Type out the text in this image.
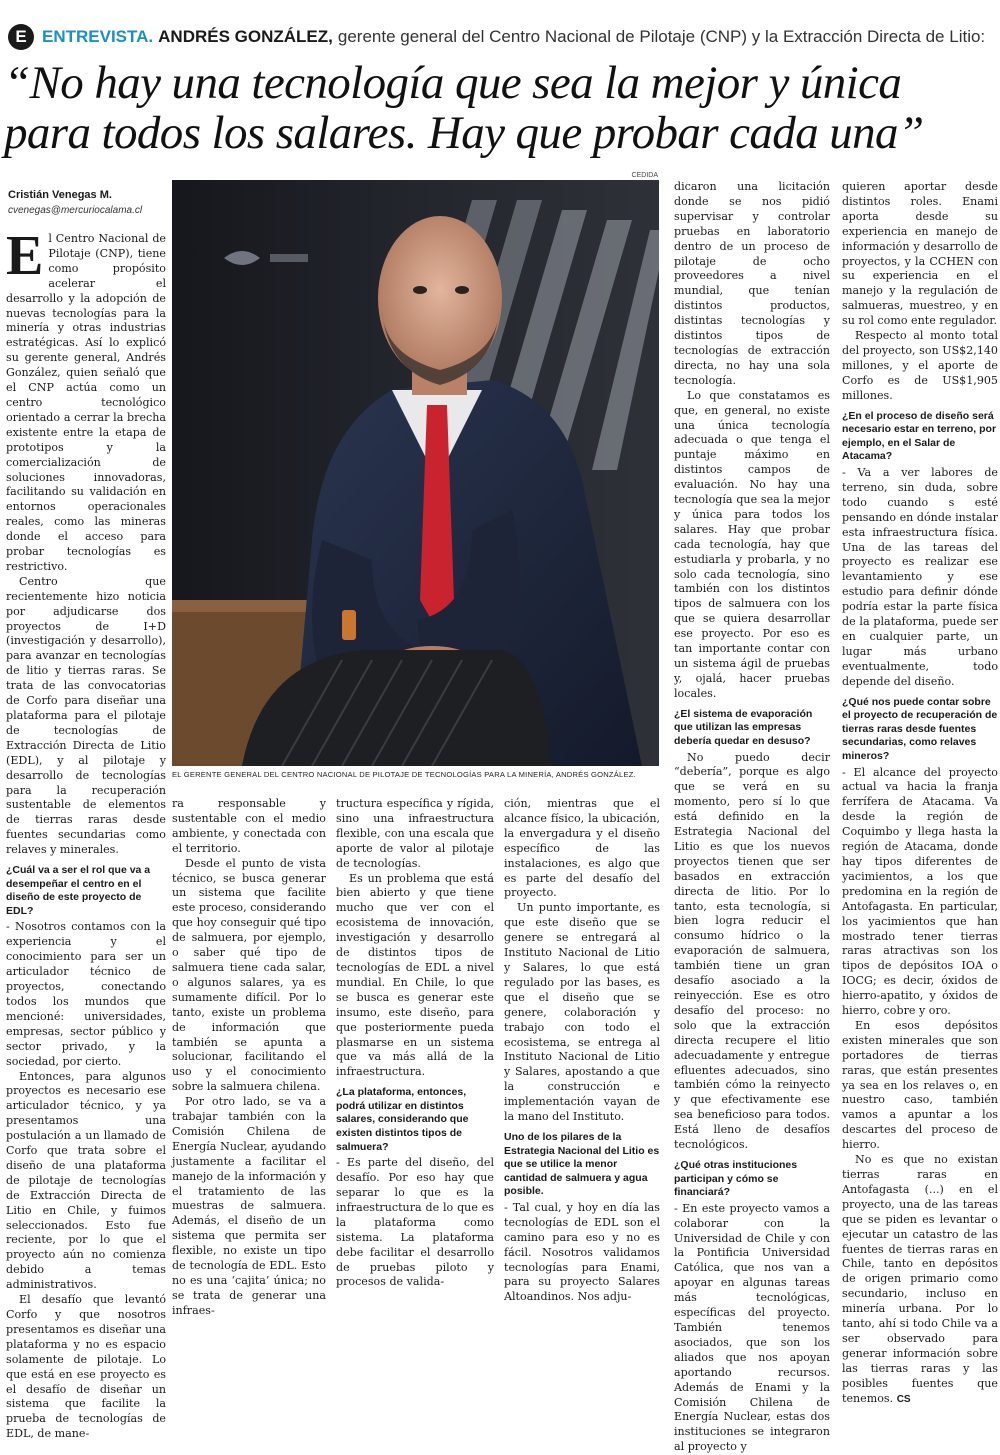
E ENTREVISTA. ANDRÉS GONZÁLEZ, gerente general del Centro Nacional de Pilotaje (CNP) y la Extracción Directa de Litio:
“No hay una tecnología que sea la mejor y única
para todos los salares. Hay que probar cada una”
Cristián Venegas M.
cvenegas@mercuriocalama.cl
CEDIDA
EL GERENTE GENERAL DEL CENTRO NACIONAL DE PILOTAJE DE TECNOLOGÍAS PARA LA MINERÍA, ANDRÉS GONZÁLEZ.

El Centro Nacional de Pilotaje (CNP), tiene como propósito acelerar el desarrollo y la adopción de nuevas tecnologías para la minería y otras industrias estratégicas. Así lo explicó su gerente general, Andrés González, quien señaló que el CNP actúa como un centro tecnológico orientado a cerrar la brecha existente entre la etapa de prototipos y la comercialización de soluciones innovadoras, facilitando su validación en entornos operacionales reales, como las mineras donde el acceso para probar tecnologías es restrictivo.

Centro que recientemente hizo noticia por adjudicarse dos proyectos de I+D (investigación y desarrollo), para avanzar en tecnologías de litio y tierras raras. Se trata de las convocatorias de Corfo para diseñar una plataforma para el pilotaje de tecnologías de Extracción Directa de Litio (EDL), y al pilotaje y desarrollo de tecnologías para la recuperación sustentable de elementos de tierras raras desde fuentes secundarias como relaves y minerales.

¿Cuál va a ser el rol que va a desempeñar el centro en el diseño de este proyecto de EDL?

- Nosotros contamos con la experiencia y el conocimiento para ser un articulador técnico de proyectos, conectando todos los mundos que mencioné: universidades, empresas, sector público y sector privado, y la sociedad, por cierto.

Entonces, para algunos proyectos es necesario ese articulador técnico, y ya presentamos una postulación a un llamado de Corfo que trata sobre el diseño de una plataforma de pilotaje de tecnologías de Extracción Directa de Litio en Chile, y fuimos seleccionados. Esto fue reciente, por lo que el proyecto aún no comienza debido a temas administrativos.

El desafío que levantó Corfo y que nosotros presentamos es diseñar una plataforma y no es espacio solamente de pilotaje. Lo que está en ese proyecto es el desafío de diseñar un sistema que facilite la prueba de tecnologías de EDL, de mane-

ra responsable y sustentable con el medio ambiente, y conectada con el territorio.

Desde el punto de vista técnico, se busca generar un sistema que facilite este proceso, considerando que hoy conseguir qué tipo de salmuera, por ejemplo, o saber qué tipo de salmuera tiene cada salar, o algunos salares, ya es sumamente difícil. Por lo tanto, existe un problema de información que también se apunta a solucionar, facilitando el uso y el conocimiento sobre la salmuera chilena.

Por otro lado, se va a trabajar también con la Comisión Chilena de Energía Nuclear, ayudando justamente a facilitar el manejo de la información y el tratamiento de las muestras de salmuera. Además, el diseño de un sistema que permita ser flexible, no existe un tipo de tecnología de EDL. Esto no es una ‘cajita’ única; no se trata de generar una infraes-

tructura específica y rígida, sino una infraestructura flexible, con una escala que aporte de valor al pilotaje de tecnologías.

Es un problema que está bien abierto y que tiene mucho que ver con el ecosistema de innovación, investigación y desarrollo de distintos tipos de tecnologías de EDL a nivel mundial. En Chile, lo que se busca es generar este insumo, este diseño, para que posteriormente pueda plasmarse en un sistema que va más allá de la infraestructura.

¿La plataforma, entonces, podrá utilizar en distintos salares, considerando que existen distintos tipos de salmuera?

- Es parte del diseño, del desafío. Por eso hay que separar lo que es la infraestructura de lo que es la plataforma como sistema. La plataforma debe facilitar el desarrollo de pruebas piloto y procesos de valida-

ción, mientras que el alcance físico, la ubicación, la envergadura y el diseño específico de las instalaciones, es algo que es parte del desafío del proyecto.

Un punto importante, es que este diseño que se genere se entregará al Instituto Nacional de Litio y Salares, lo que está regulado por las bases, es que el diseño que se genere, colaboración y trabajo con todo el ecosistema, se entrega al Instituto Nacional de Litio y Salares, apostando a que la construcción e implementación vayan de la mano del Instituto.

Uno de los pilares de la Estrategia Nacional del Litio es que se utilice la menor cantidad de salmuera y agua posible.

- Tal cual, y hoy en día las tecnologías de EDL son el camino para eso y no es fácil. Nosotros validamos tecnologías para Enami, para su proyecto Salares Altoandinos. Nos adju-

dicaron una licitación donde se nos pidió supervisar y controlar pruebas en laboratorio dentro de un proceso de pilotaje de ocho proveedores a nivel mundial, que tenían distintos productos, distintas tecnologías y distintos tipos de tecnologías de extracción directa, no hay una sola tecnología.

Lo que constatamos es que, en general, no existe una única tecnología adecuada o que tenga el puntaje máximo en distintos campos de evaluación. No hay una tecnología que sea la mejor y única para todos los salares. Hay que probar cada tecnología, hay que estudiarla y probarla, y no solo cada tecnología, sino también con los distintos tipos de salmuera con los que se quiera desarrollar ese proyecto. Por eso es tan importante contar con un sistema ágil de pruebas y, ojalá, hacer pruebas locales.

¿El sistema de evaporación que utilizan las empresas debería quedar en desuso?

No puedo decir “debería”, porque es algo que se verá en su momento, pero sí lo que está definido en la Estrategia Nacional del Litio es que los nuevos proyectos tienen que ser basados en extracción directa de litio. Por lo tanto, esta tecnología, si bien logra reducir el consumo hídrico o la evaporación de salmuera, también tiene un gran desafío asociado a la reinyección. Ese es otro desafío del proceso: no solo que la extracción directa recupere el litio adecuadamente y entregue efluentes adecuados, sino también cómo la reinyecto y que efectivamente ese sea beneficioso para todos. Está lleno de desafíos tecnológicos.

¿Qué otras instituciones participan y cómo se financiará?

- En este proyecto vamos a colaborar con la Universidad de Chile y con la Pontificia Universidad Católica, que nos van a apoyar en algunas tareas más tecnológicas, específicas del proyecto. También tenemos asociados, que son los aliados que nos apoyan aportando recursos. Además de Enami y la Comisión Chilena de Energía Nuclear, estas dos instituciones se integraron al proyecto y

quieren aportar desde distintos roles. Enami aporta desde su experiencia en manejo de información y desarrollo de proyectos, y la CCHEN con su experiencia en el manejo y la regulación de salmueras, muestreo, y en su rol como ente regulador.

Respecto al monto total del proyecto, son US$2,140 millones, y el aporte de Corfo es de US$1,905 millones.

¿En el proceso de diseño será necesario estar en terreno, por ejemplo, en el Salar de Atacama?

- Va a ver labores de terreno, sin duda, sobre todo cuando s esté pensando en dónde instalar esta infraestructura física. Una de las tareas del proyecto es realizar ese levantamiento y ese estudio para definir dónde podría estar la parte física de la plataforma, puede ser en cualquier parte, un lugar más urbano eventualmente, todo depende del diseño.

¿Qué nos puede contar sobre el proyecto de recuperación de tierras raras desde fuentes secundarias, como relaves mineros?

- El alcance del proyecto actual va hacia la franja ferrífera de Atacama. Va desde la región de Coquimbo y llega hasta la región de Atacama, donde hay tipos diferentes de yacimientos, a los que predomina en la región de Antofagasta. En particular, los yacimientos que han mostrado tener tierras raras atractivas son los tipos de depósitos IOA o IOCG; es decir, óxidos de hierro-apatito, y óxidos de hierro, cobre y oro.

En esos depósitos existen minerales que son portadores de tierras raras, que están presentes ya sea en los relaves o, en nuestro caso, también vamos a apuntar a los descartes del proceso de hierro.

No es que no existan tierras raras en Antofagasta (...) en el proyecto, una de las tareas que se piden es levantar o ejecutar un catastro de las fuentes de tierras raras en Chile, tanto en depósitos de origen primario como secundario, incluso en minería urbana. Por lo tanto, ahí si todo Chile va a ser observado para generar información sobre las tierras raras y las posibles fuentes que tenemos. CS
